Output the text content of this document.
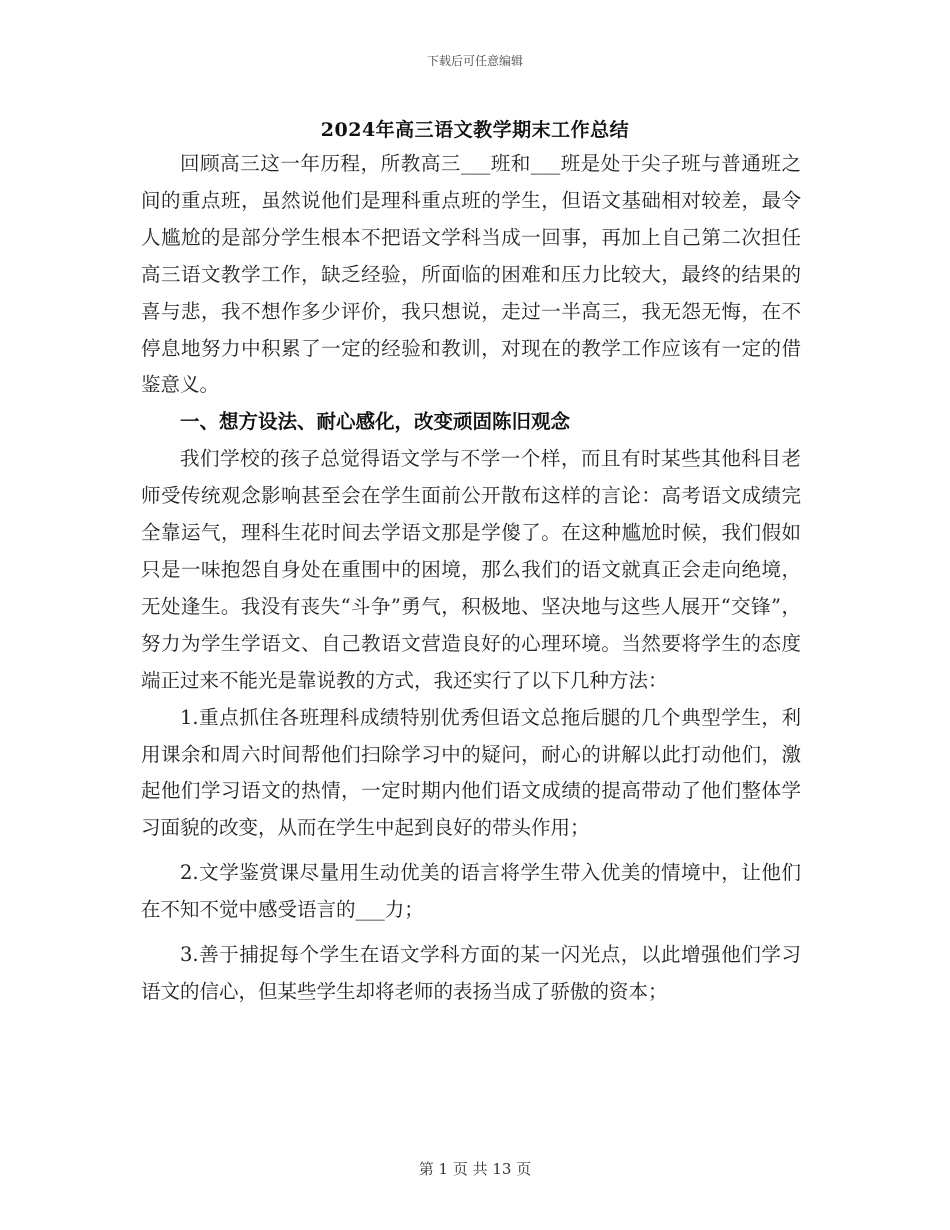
下载后可任意编辑
2024年高三语文教学期末工作总结

回顾高三这一年历程，所教高三___班和___班是处于尖子班与普通班之间的重点班，虽然说他们是理科重点班的学生，但语文基础相对较差，最令人尴尬的是部分学生根本不把语文学科当成一回事，再加上自己第二次担任高三语文教学工作，缺乏经验，所面临的困难和压力比较大，最终的结果的喜与悲，我不想作多少评价，我只想说，走过一半高三，我无怨无悔，在不停息地努力中积累了一定的经验和教训，对现在的教学工作应该有一定的借鉴意义。

一、想方设法、耐心感化，改变顽固陈旧观念

我们学校的孩子总觉得语文学与不学一个样，而且有时某些其他科目老师受传统观念影响甚至会在学生面前公开散布这样的言论：高考语文成绩完全靠运气，理科生花时间去学语文那是学傻了。在这种尴尬时候，我们假如只是一味抱怨自身处在重围中的困境，那么我们的语文就真正会走向绝境，无处逢生。我没有丧失“斗争”勇气，积极地、坚决地与这些人展开“交锋”，努力为学生学语文、自己教语文营造良好的心理环境。当然要将学生的态度端正过来不能光是靠说教的方式，我还实行了以下几种方法：

1.重点抓住各班理科成绩特别优秀但语文总拖后腿的几个典型学生，利用课余和周六时间帮他们扫除学习中的疑问，耐心的讲解以此打动他们，激起他们学习语文的热情，一定时期内他们语文成绩的提高带动了他们整体学习面貌的改变，从而在学生中起到良好的带头作用；

2.文学鉴赏课尽量用生动优美的语言将学生带入优美的情境中，让他们在不知不觉中感受语言的___力；

3.善于捕捉每个学生在语文学科方面的某一闪光点，以此增强他们学习语文的信心，但某些学生却将老师的表扬当成了骄傲的资本；

第 1 页 共 13 页
